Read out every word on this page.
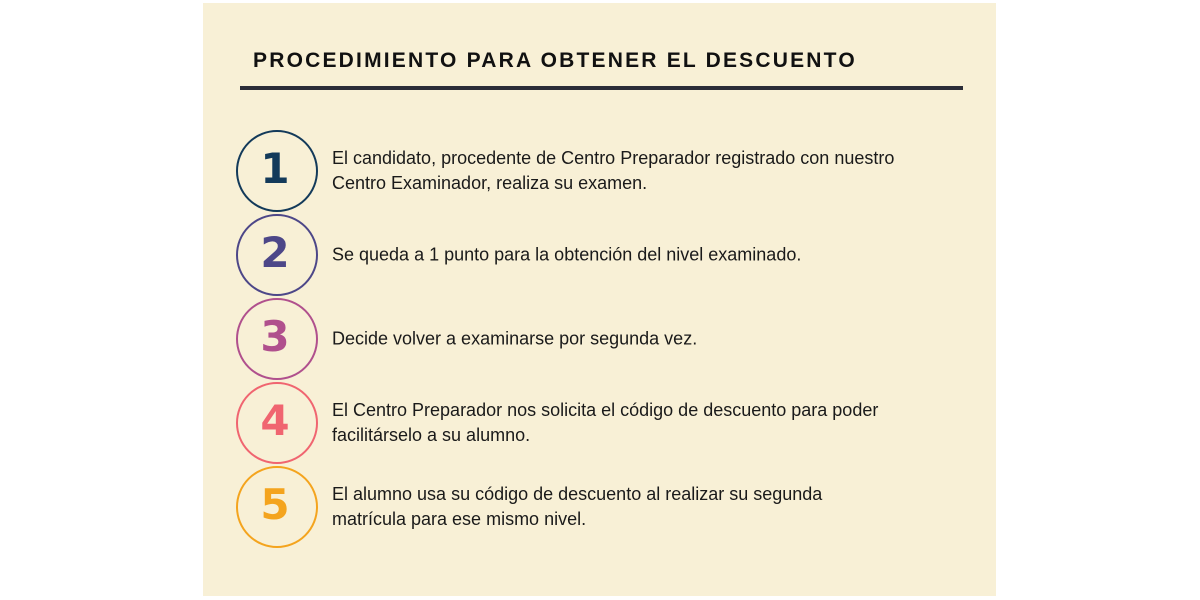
PROCEDIMIENTO PARA OBTENER EL DESCUENTO
1	El candidato, procedente de Centro Preparador registrado con nuestro
Centro Examinador, realiza su examen.

2	Se queda a 1 punto para la obtención del nivel examinado.

3	Decide volver a examinarse por segunda vez.

4	El Centro Preparador nos solicita el código de descuento para poder
facilitárselo a su alumno.

5	El alumno usa su código de descuento al realizar su segunda
matrícula para ese mismo nivel.
